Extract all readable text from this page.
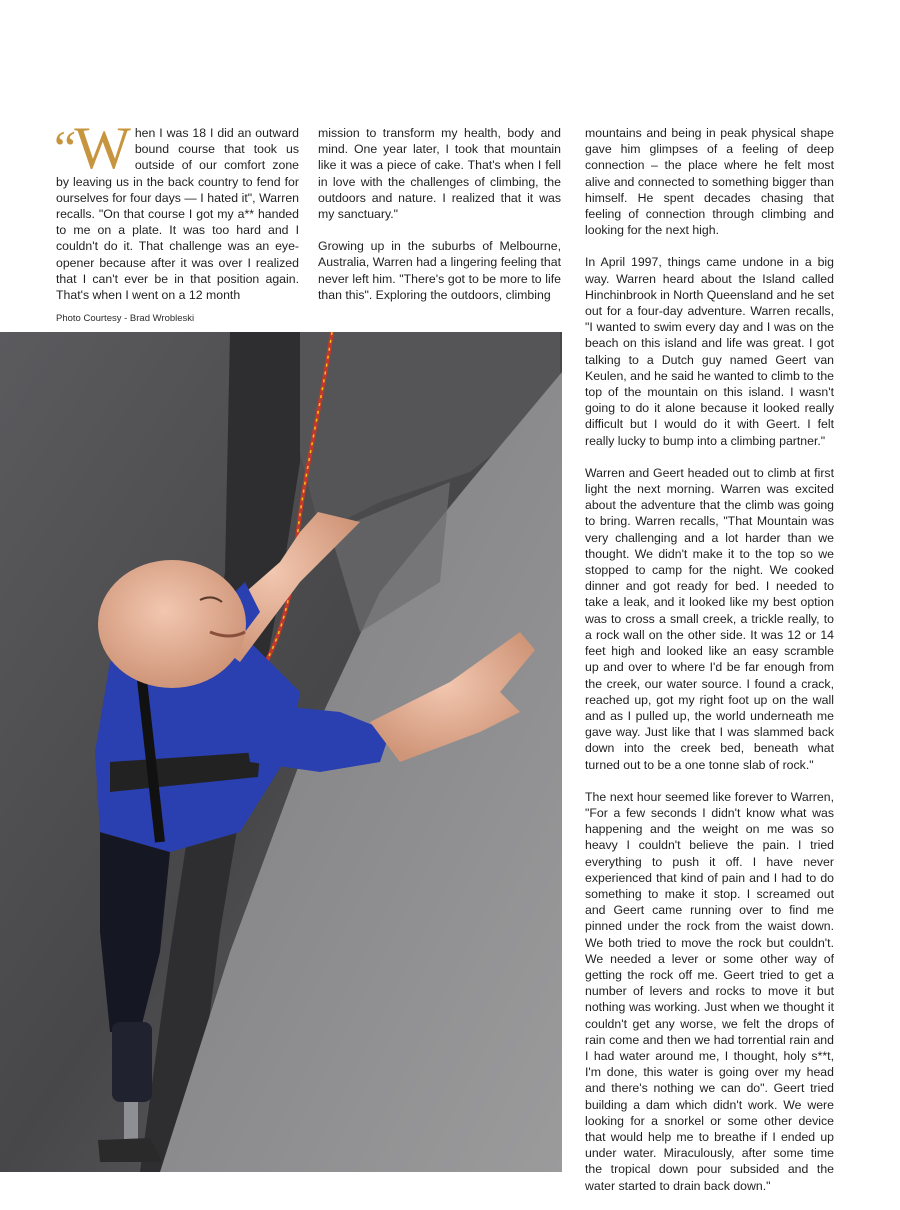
“W hen I was 18 I did an outward bound course that took us outside of our comfort zone by leaving us in the back country to fend for ourselves for four days — I hated it", Warren recalls. "On that course I got my a** handed to me on a plate. It was too hard and I couldn't do it. That challenge was an eye-opener because after it was over I realized that I can't ever be in that position again. That's when I went on a 12 month

mission to transform my health, body and mind. One year later, I took that mountain like it was a piece of cake. That's when I fell in love with the challenges of climbing, the outdoors and nature. I realized that it was my sanctuary."

Growing up in the suburbs of Melbourne, Australia, Warren had a lingering feeling that never left him. "There's got to be more to life than this". Exploring the outdoors, climbing

mountains and being in peak physical shape gave him glimpses of a feeling of deep connection – the place where he felt most alive and connected to something bigger than himself. He spent decades chasing that feeling of connection through climbing and looking for the next high.

In April 1997, things came undone in a big way. Warren heard about the Island called Hinchinbrook in North Queensland and he set out for a four-day adventure. Warren recalls, "I wanted to swim every day and I was on the beach on this island and life was great. I got talking to a Dutch guy named Geert van Keulen, and he said he wanted to climb to the top of the mountain on this island. I wasn't going to do it alone because it looked really difficult but I would do it with Geert. I felt really lucky to bump into a climbing partner."

Warren and Geert headed out to climb at first light the next morning. Warren was excited about the adventure that the climb was going to bring. Warren recalls, "That Mountain was very challenging and a lot harder than we thought. We didn't make it to the top so we stopped to camp for the night. We cooked dinner and got ready for bed. I needed to take a leak, and it looked like my best option was to cross a small creek, a trickle really, to a rock wall on the other side. It was 12 or 14 feet high and looked like an easy scramble up and over to where I'd be far enough from the creek, our water source. I found a crack, reached up, got my right foot up on the wall and as I pulled up, the world underneath me gave way. Just like that I was slammed back down into the creek bed, beneath what turned out to be a one tonne slab of rock."

The next hour seemed like forever to Warren, "For a few seconds I didn't know what was happening and the weight on me was so heavy I couldn't believe the pain. I tried everything to push it off. I have never experienced that kind of pain and I had to do something to make it stop. I screamed out and Geert came running over to find me pinned under the rock from the waist down. We both tried to move the rock but couldn't. We needed a lever or some other way of getting the rock off me. Geert tried to get a number of levers and rocks to move it but nothing was working. Just when we thought it couldn't get any worse, we felt the drops of rain come and then we had torrential rain and I had water around me, I thought, holy s**t, I'm done, this water is going over my head and there's nothing we can do". Geert tried building a dam which didn't work. We were looking for a snorkel or some other device that would help me to breathe if I ended up under water. Miraculously, after some time the tropical down pour subsided and the water started to drain back down."

Photo Courtesy - Brad Wrobleski
